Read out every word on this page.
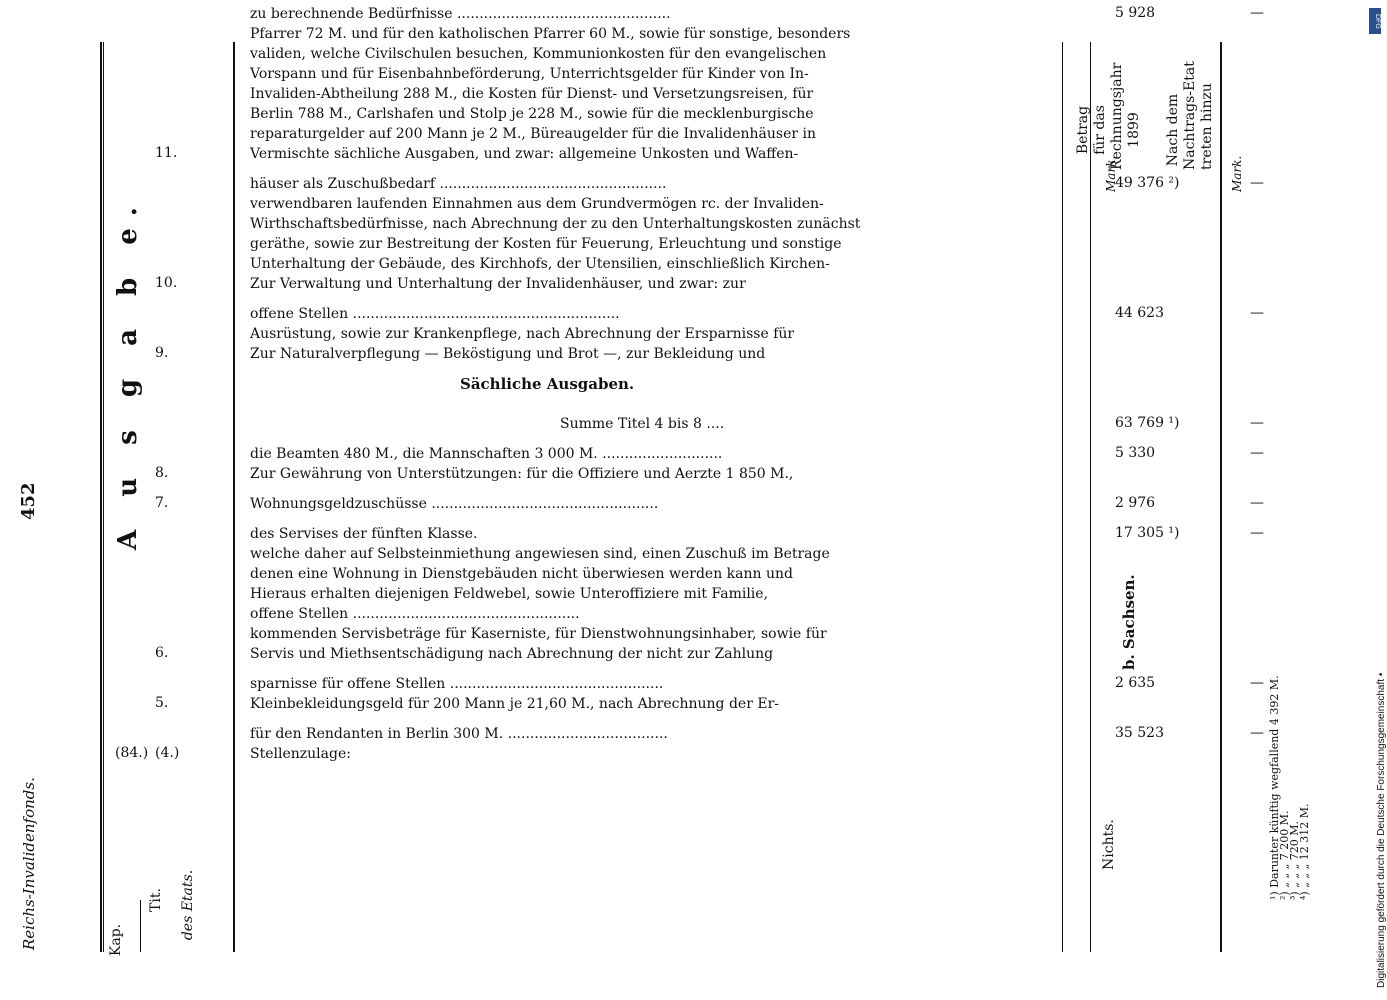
Reichs-Invalidenfonds.
452
Kap.
Tit. des Etats.
A u s g a b e.
Betrag für das Rechnungsjahr 1899 Nach dem Nachtrags-Etat treten hinzu
Mark.	Mark.
(84.) (4.)	Stellenzulage:
für den Rendanten in Berlin 300 M. ....................................	35 523	—
5.	Kleinbekleidungsgeld für 200 Mann je 21,60 M., nach Abrechnung der Er-
sparnisse für offene Stellen ................................................	2 635	—
6.	Servis und Miethsentschädigung nach Abrechnung der nicht zur Zahlung
kommenden Servisbeträge für Kaserniste, für Dienstwohnungsinhaber, sowie für
offene Stellen ...................................................
Hieraus erhalten diejenigen Feldwebel, sowie Unteroffiziere mit Familie,
denen eine Wohnung in Dienstgebäuden nicht überwiesen werden kann und
welche daher auf Selbsteinmiethung angewiesen sind, einen Zuschuß im Betrage
des Servises der fünften Klasse.	17 305 ¹)	—
7.	Wohnungsgeldzuschüsse ...................................................	2 976	—
8.	Zur Gewährung von Unterstützungen: für die Offiziere und Aerzte 1 850 M.,
die Beamten 480 M., die Mannschaften 3 000 M. ...........................	5 330	—
Summe Titel 4 bis 8 ....	63 769 ¹)	—
Sächliche Ausgaben.
9.	Zur Naturalverpflegung — Beköstigung und Brot —, zur Bekleidung und
Ausrüstung, sowie zur Krankenpflege, nach Abrechnung der Ersparnisse für
offene Stellen ............................................................	44 623	—
10.	Zur Verwaltung und Unterhaltung der Invalidenhäuser, und zwar: zur
Unterhaltung der Gebäude, des Kirchhofs, der Utensilien, einschließlich Kirchen-
geräthe, sowie zur Bestreitung der Kosten für Feuerung, Erleuchtung und sonstige
Wirthschaftsbedürfnisse, nach Abrechnung der zu den Unterhaltungskosten zunächst
verwendbaren laufenden Einnahmen aus dem Grundvermögen rc. der Invaliden-
häuser als Zuschußbedarf ...................................................	49 376 ²)	—
11.	Vermischte sächliche Ausgaben, und zwar: allgemeine Unkosten und Waffen-
reparaturgelder auf 200 Mann je 2 M., Büreaugelder für die Invalidenhäuser in
Berlin 788 M., Carlshafen und Stolp je 228 M., sowie für die mecklenburgische
Invaliden-Abtheilung 288 M., die Kosten für Dienst- und Versetzungsreisen, für
Vorspann und für Eisenbahnbeförderung, Unterrichtsgelder für Kinder von In-
validen, welche Civilschulen besuchen, Kommunionkosten für den evangelischen
Pfarrer 72 M. und für den katholischen Pfarrer 60 M., sowie für sonstige, besonders
zu berechnende Bedürfnisse ................................................	5 928	—
b. Sachsen.
Nichts.
¹) Darunter künftig wegfallend 4 392 M.
²) „ „ „ 7 200 M.
³) „ „ „ 720 M.
⁴) „ „ „ 12 312 M.
DFG
Digitalisierung gefördert durch die Deutsche Forschungsgemeinschaft •
